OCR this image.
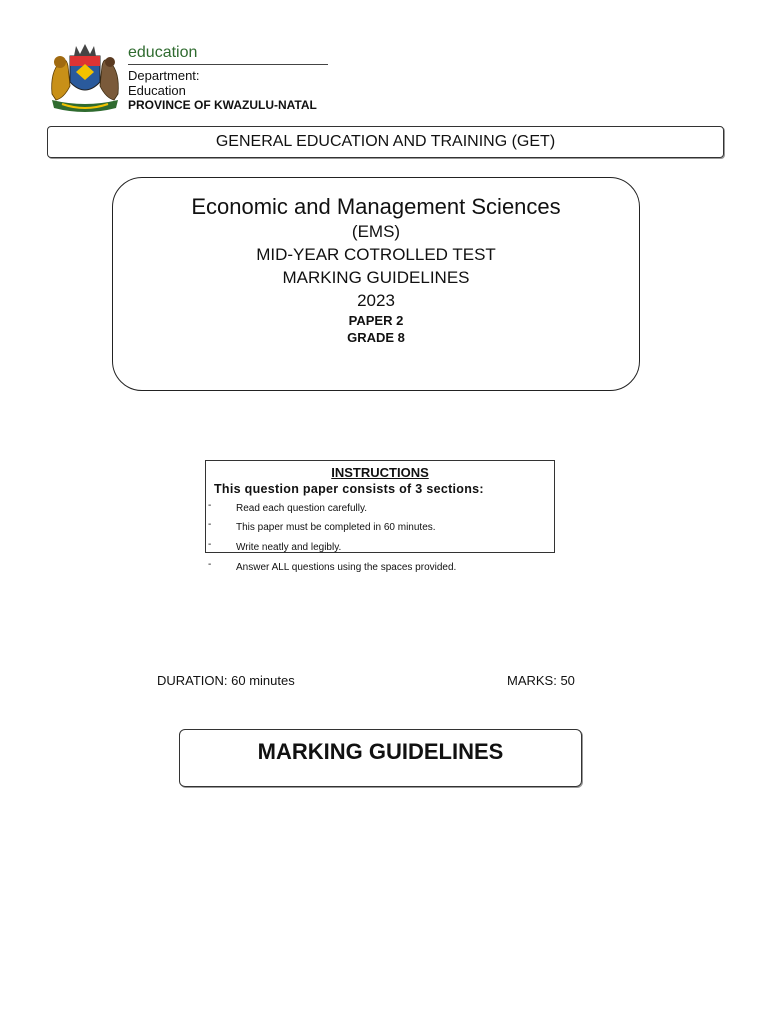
education
Department:
Education
PROVINCE OF KWAZULU-NATAL
GENERAL EDUCATION AND TRAINING (GET)
Economic and Management Sciences
(EMS)
MID-YEAR COTROLLED TEST
MARKING GUIDELINES
2023
PAPER 2
GRADE 8
INSTRUCTIONS
This question paper consists of 3 sections:
- Read each question carefully.
- This paper must be completed in 60 minutes.
- Write neatly and legibly.
- Answer ALL questions using the spaces provided.
DURATION: 60 minutes	MARKS: 50
MARKING GUIDELINES
